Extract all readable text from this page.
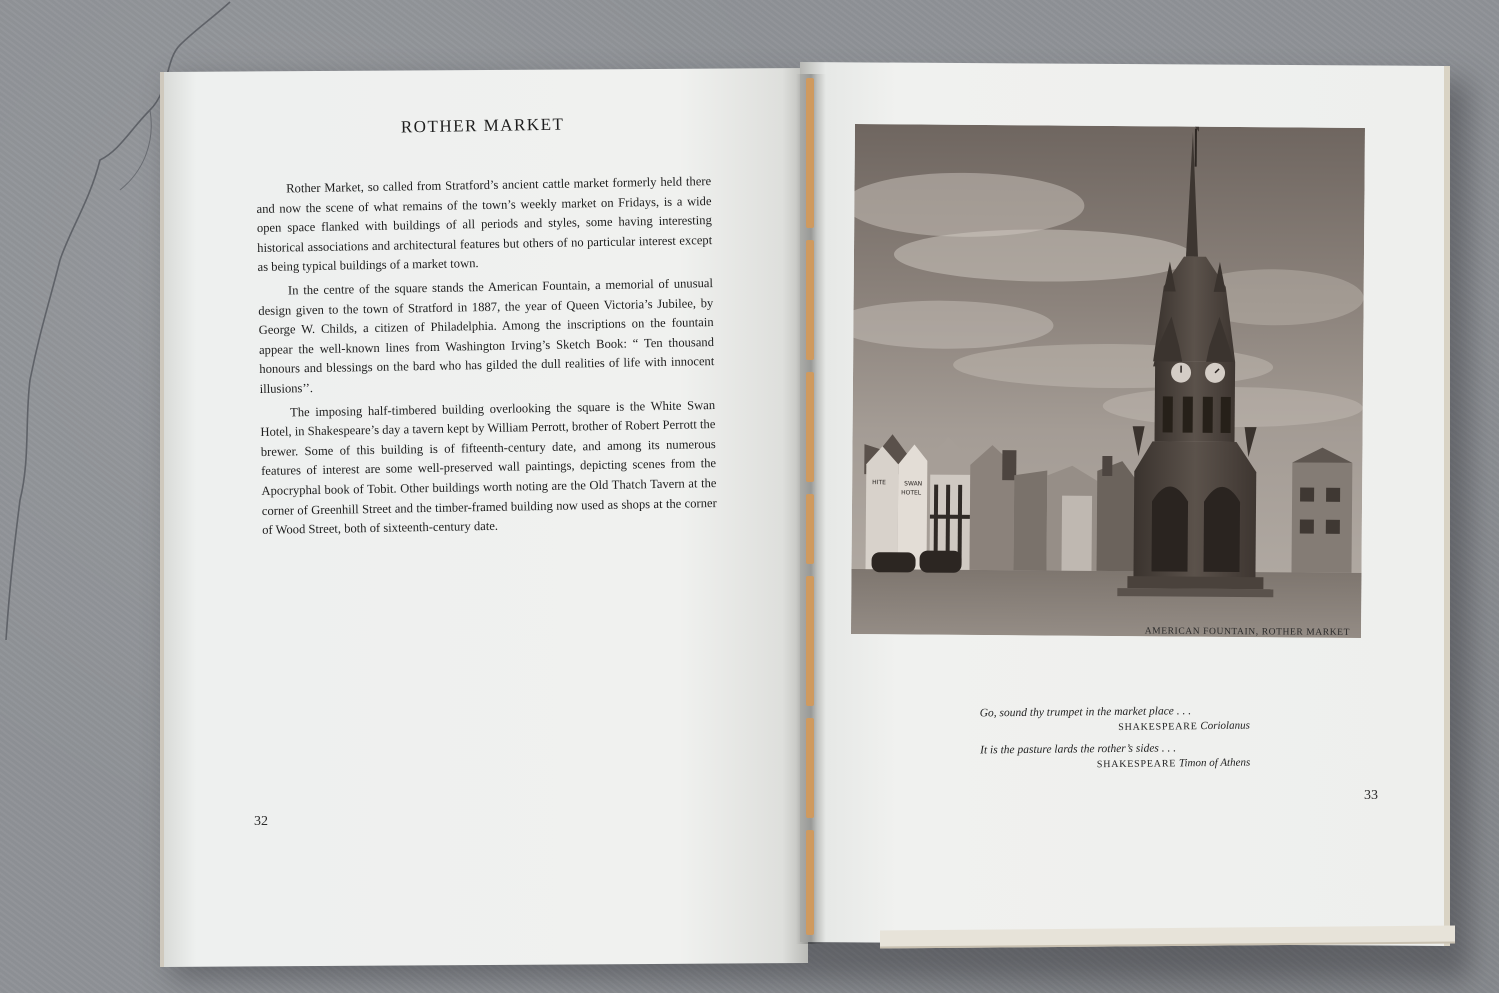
ROTHER MARKET

Rother Market, so called from Stratford’s ancient cattle market formerly held there and now the scene of what remains of the town’s weekly market on Fridays, is a wide open space flanked with buildings of all periods and styles, some having interesting historical associations and architectural features but others of no particular interest except as being typical buildings of a market town.

In the centre of the square stands the American Fountain, a memorial of unusual design given to the town of Stratford in 1887, the year of Queen Victoria’s Jubilee, by George W. Childs, a citizen of Philadelphia. Among the inscriptions on the fountain appear the well-known lines from Washington Irving’s Sketch Book: “ Ten thousand honours and blessings on the bard who has gilded the dull realities of life with innocent illusions’’.

The imposing half-timbered building overlooking the square is the White Swan Hotel, in Shakespeare’s day a tavern kept by William Perrott, brother of Robert Perrott the brewer. Some of this building is of fifteenth-century date, and among its numerous features of interest are some well-preserved wall paintings, depicting scenes from the Apocryphal book of Tobit. Other buildings worth noting are the Old Thatch Tavern at the corner of Greenhill Street and the timber-framed building now used as shops at the corner of Wood Street, both of sixteenth-century date.

32
HITE	SWAN
HOTEL
AMERICAN FOUNTAIN, ROTHER MARKET

Go, sound thy trumpet in the market place . . .

SHAKESPEARE Coriolanus

It is the pasture lards the rother’s sides . . .

SHAKESPEARE Timon of Athens

33
